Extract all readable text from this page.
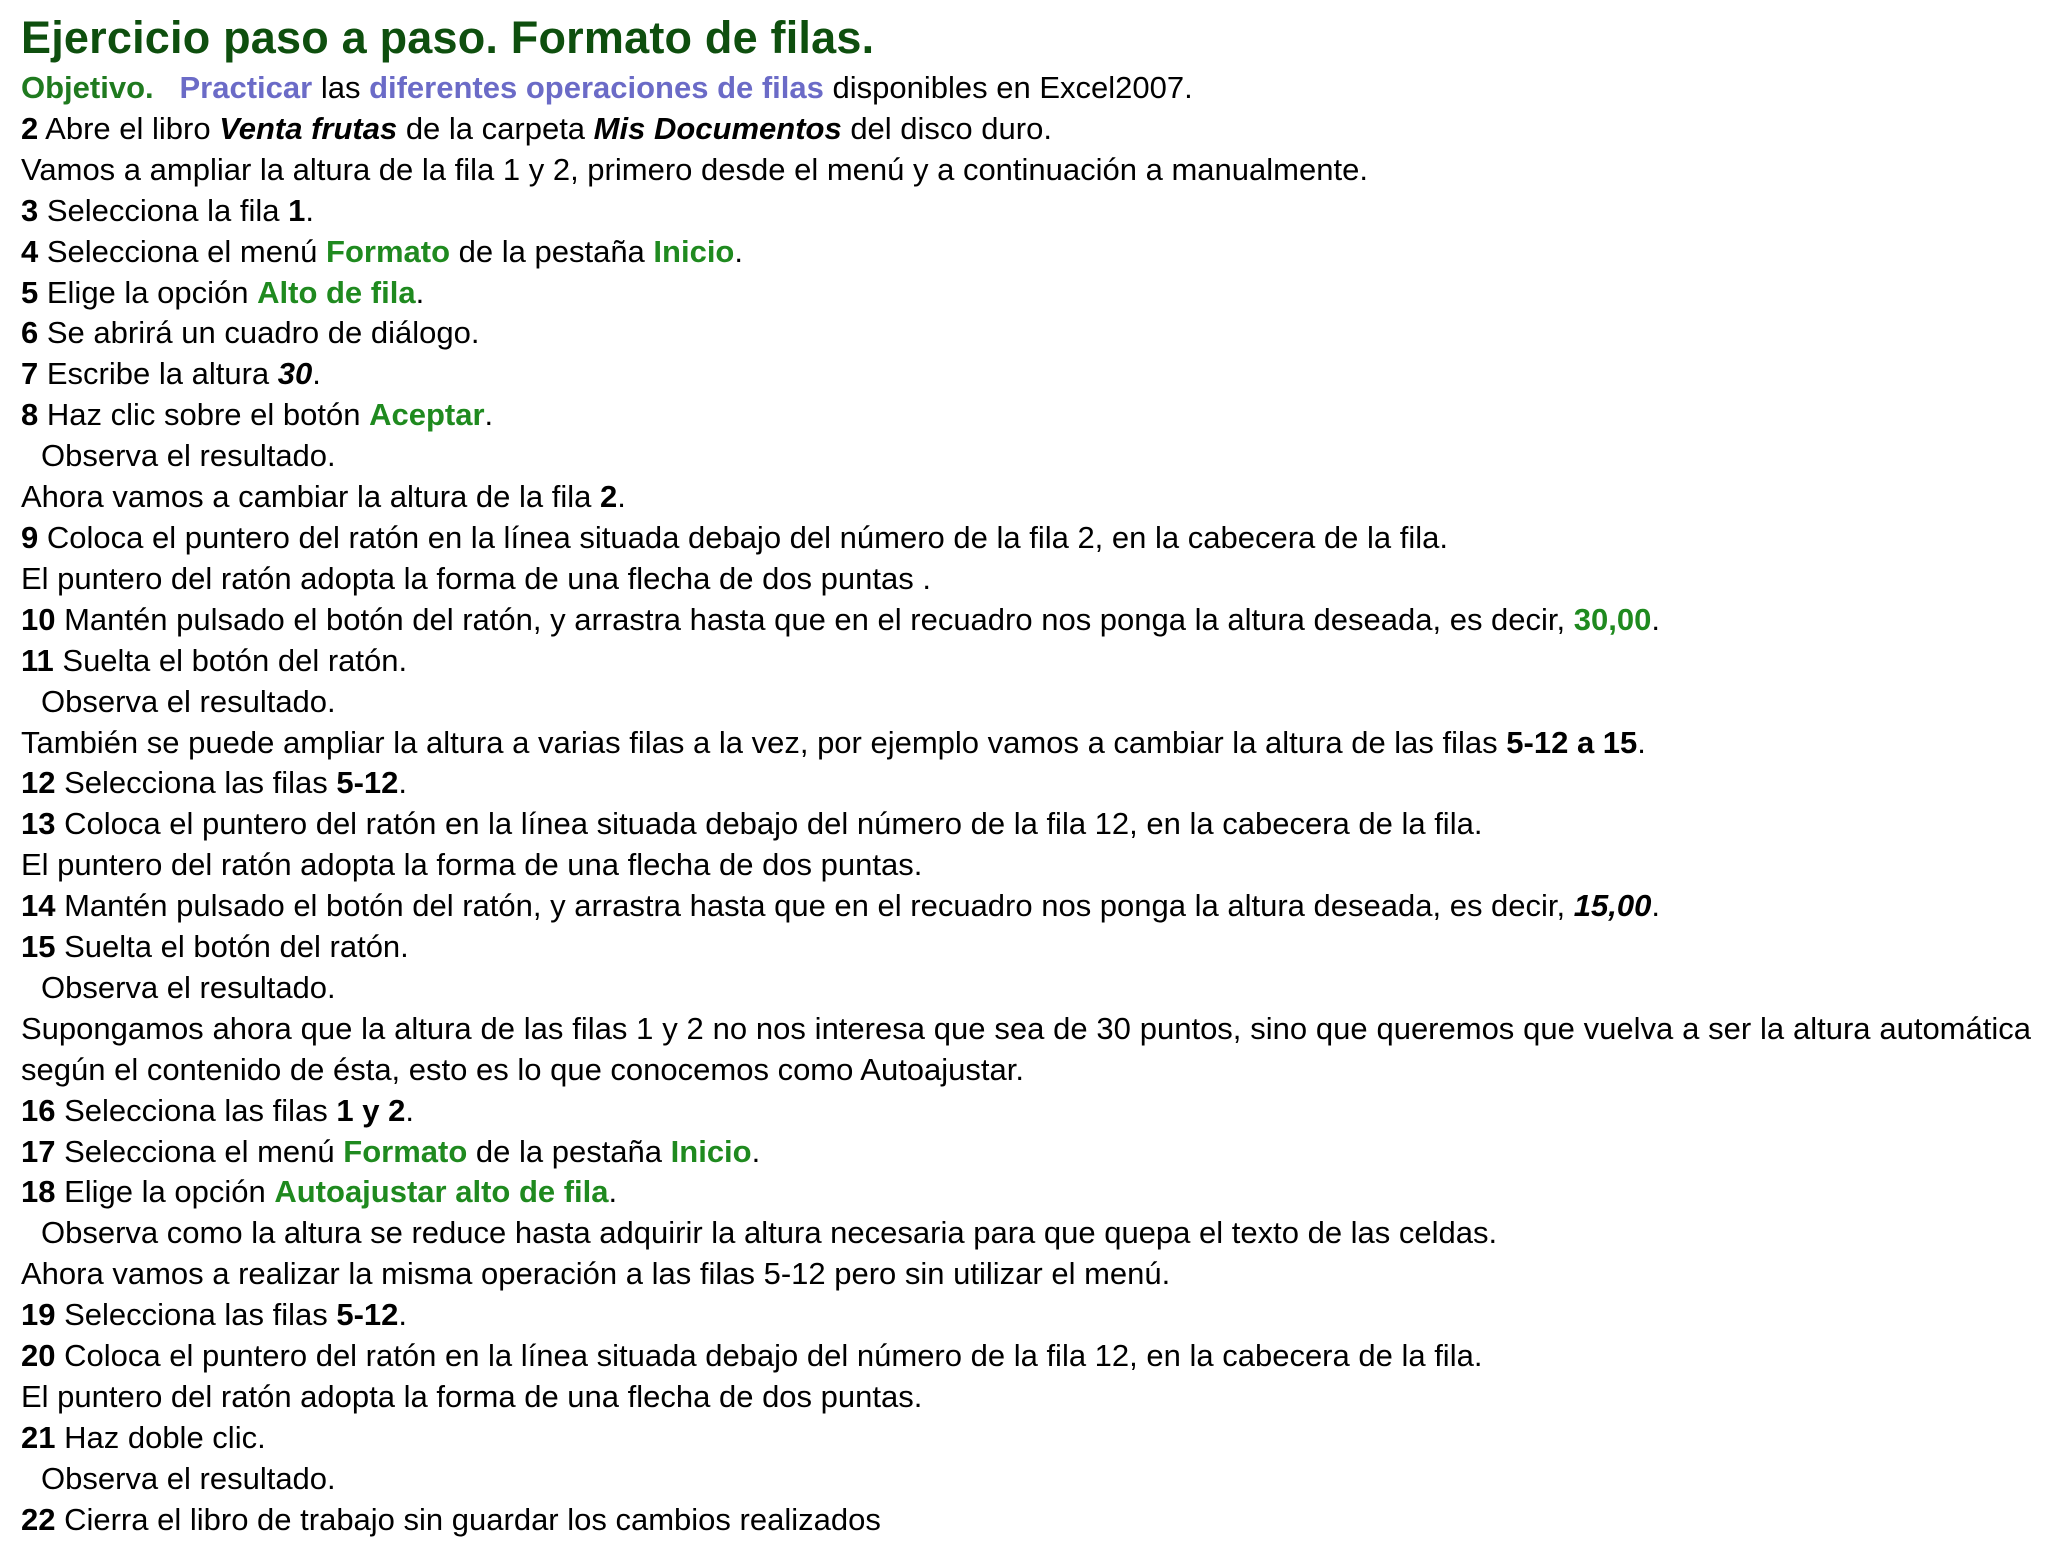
Ejercicio paso a paso. Formato de filas.
Objetivo. Practicar las diferentes operaciones de filas disponibles en Excel2007.
2 Abre el libro Venta frutas de la carpeta Mis Documentos del disco duro.
Vamos a ampliar la altura de la fila 1 y 2, primero desde el menú y a continuación a manualmente.
3 Selecciona la fila 1.
4 Selecciona el menú Formato de la pestaña Inicio.
5 Elige la opción Alto de fila.
6 Se abrirá un cuadro de diálogo.
7 Escribe la altura 30.
8 Haz clic sobre el botón Aceptar.
Observa el resultado.
Ahora vamos a cambiar la altura de la fila 2.
9 Coloca el puntero del ratón en la línea situada debajo del número de la fila 2, en la cabecera de la fila.
El puntero del ratón adopta la forma de una flecha de dos puntas .
10 Mantén pulsado el botón del ratón, y arrastra hasta que en el recuadro nos ponga la altura deseada, es decir, 30,00.
11 Suelta el botón del ratón.
Observa el resultado.
También se puede ampliar la altura a varias filas a la vez, por ejemplo vamos a cambiar la altura de las filas 5-12 a 15.
12 Selecciona las filas 5-12.
13 Coloca el puntero del ratón en la línea situada debajo del número de la fila 12, en la cabecera de la fila.
El puntero del ratón adopta la forma de una flecha de dos puntas.
14 Mantén pulsado el botón del ratón, y arrastra hasta que en el recuadro nos ponga la altura deseada, es decir, 15,00.
15 Suelta el botón del ratón.
Observa el resultado.

Supongamos ahora que la altura de las filas 1 y 2 no nos interesa que sea de 30 puntos, sino que queremos que vuelva a ser la altura automática según el contenido de ésta, esto es lo que conocemos como Autoajustar.

16 Selecciona las filas 1 y 2.
17 Selecciona el menú Formato de la pestaña Inicio.
18 Elige la opción Autoajustar alto de fila.
Observa como la altura se reduce hasta adquirir la altura necesaria para que quepa el texto de las celdas.
Ahora vamos a realizar la misma operación a las filas 5-12 pero sin utilizar el menú.
19 Selecciona las filas 5-12.
20 Coloca el puntero del ratón en la línea situada debajo del número de la fila 12, en la cabecera de la fila.
El puntero del ratón adopta la forma de una flecha de dos puntas.
21 Haz doble clic.
Observa el resultado.
22 Cierra el libro de trabajo sin guardar los cambios realizados
